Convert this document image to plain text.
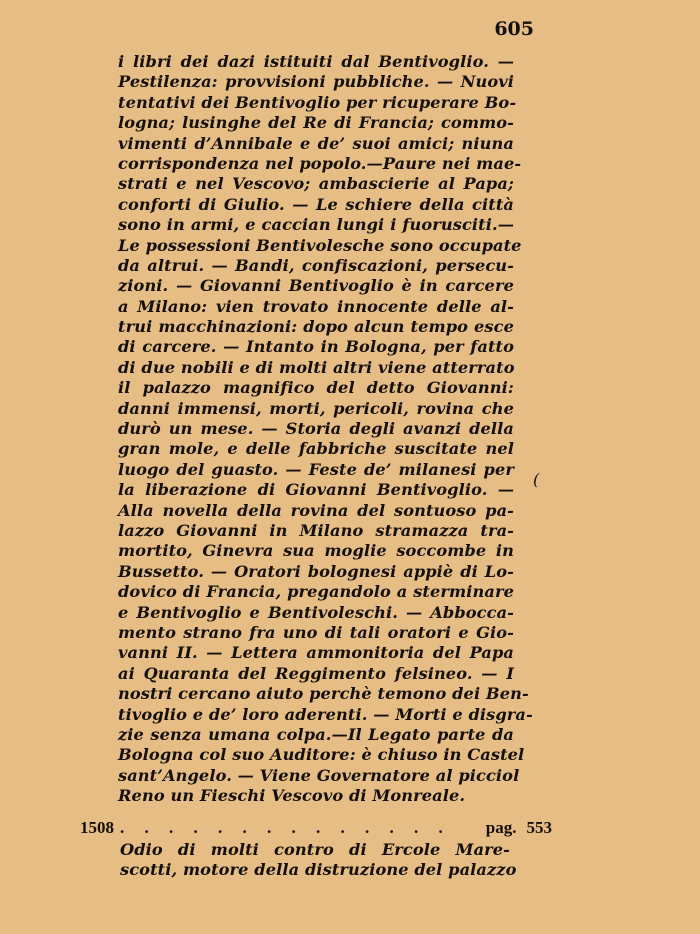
605
i libri dei dazi istituiti dal Bentivoglio. —
Pestilenza: provvisioni pubbliche. — Nuovi
tentativi dei Bentivoglio per ricuperare Bo-
logna; lusinghe del Re di Francia; commo-
vimenti d’Annibale e de’ suoi amici; niuna
corrispondenza nel popolo.—Paure nei mae-
strati e nel Vescovo; ambascierie al Papa;
conforti di Giulio. — Le schiere della città
sono in armi, e caccian lungi i fuorusciti.—
Le possessioni Bentivolesche sono occupate
da altrui. — Bandi, confiscazioni, persecu-
zioni. — Giovanni Bentivoglio è in carcere
a Milano: vien trovato innocente delle al-
trui macchinazioni: dopo alcun tempo esce
di carcere. — Intanto in Bologna, per fatto
di due nobili e di molti altri viene atterrato
il palazzo magnifico del detto Giovanni:
danni immensi, morti, pericoli, rovina che
durò un mese. — Storia degli avanzi della
gran mole, e delle fabbriche suscitate nel
luogo del guasto. — Feste de’ milanesi per
la liberazione di Giovanni Bentivoglio. —
Alla novella della rovina del sontuoso pa-
lazzo Giovanni in Milano stramazza tra-
mortito, Ginevra sua moglie soccombe in
Bussetto. — Oratori bolognesi appiè di Lo-
dovico di Francia, pregandolo a sterminare
e Bentivoglio e Bentivoleschi. — Abbocca-
mento strano fra uno di tali oratori e Gio-
vanni II. — Lettera ammonitoria del Papa
ai Quaranta del Reggimento felsineo. — I
nostri cercano aiuto perchè temono dei Ben-
tivoglio e de’ loro aderenti. — Morti e disgra-
zie senza umana colpa.—Il Legato parte da
Bologna col suo Auditore: è chiuso in Castel
sant’Angelo. — Viene Governatore al picciol
Reno un Fieschi Vescovo di Monreale.
(
1508 . . . . . . . . . . . . . .	pag. 553
Odio di molti contro di Ercole Mare-
scotti, motore della distruzione del palazzo
